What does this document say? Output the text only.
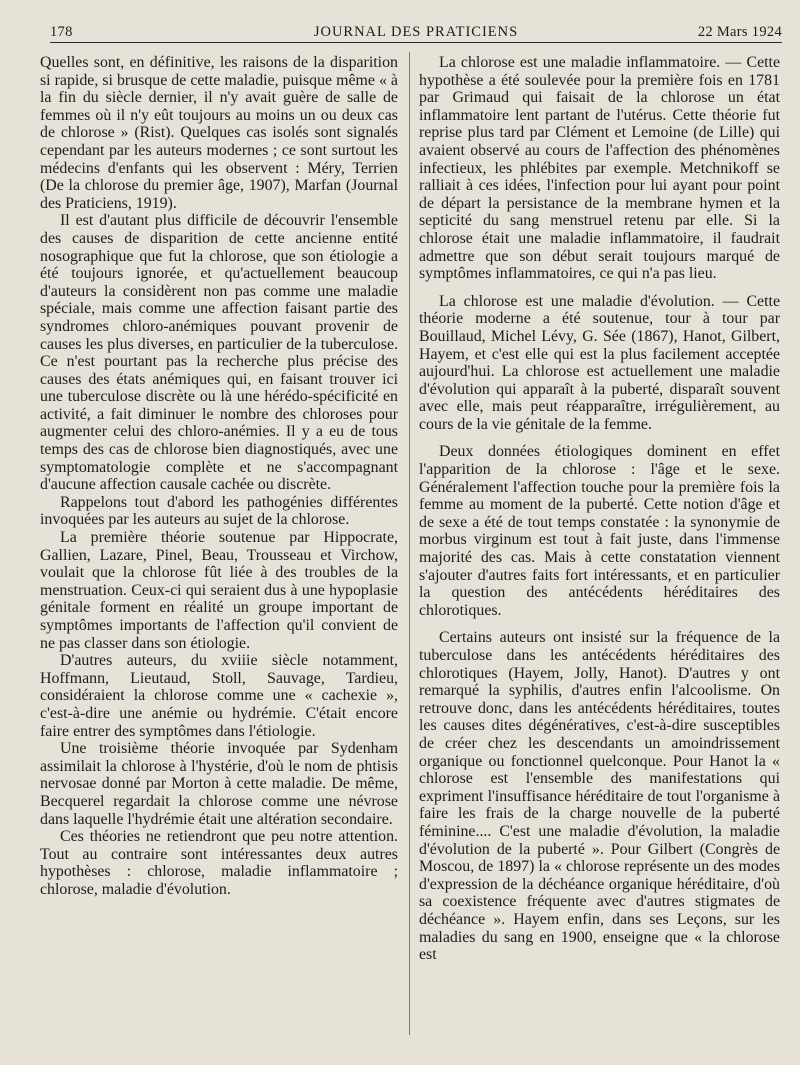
178	JOURNAL DES PRATICIENS	22 Mars 1924

Quelles sont, en définitive, les raisons de la disparition si rapide, si brusque de cette maladie, puisque même « à la fin du siècle dernier, il n'y avait guère de salle de femmes où il n'y eût toujours au moins un ou deux cas de chlorose » (Rist). Quelques cas isolés sont signalés cependant par les auteurs modernes ; ce sont surtout les médecins d'enfants qui les observent : Méry, Terrien (De la chlorose du premier âge, 1907), Marfan (Journal des Praticiens, 1919).

Il est d'autant plus difficile de découvrir l'ensemble des causes de disparition de cette ancienne entité nosographique que fut la chlorose, que son étiologie a été toujours ignorée, et qu'actuellement beaucoup d'auteurs la considèrent non pas comme une maladie spéciale, mais comme une affection faisant partie des syndromes chloro-anémiques pouvant provenir de causes les plus diverses, en particulier de la tuberculose. Ce n'est pourtant pas la recherche plus précise des causes des états anémiques qui, en faisant trouver ici une tuberculose discrète ou là une hérédo-spécificité en activité, a fait diminuer le nombre des chloroses pour augmenter celui des chloro-anémies. Il y a eu de tous temps des cas de chlorose bien diagnostiqués, avec une symptomatologie complète et ne s'accompagnant d'aucune affection causale cachée ou discrète.

Rappelons tout d'abord les pathogénies différentes invoquées par les auteurs au sujet de la chlorose.

La première théorie soutenue par Hippocrate, Gallien, Lazare, Pinel, Beau, Trousseau et Virchow, voulait que la chlorose fût liée à des troubles de la menstruation. Ceux-ci qui seraient dus à une hypoplasie génitale forment en réalité un groupe important de symptômes importants de l'affection qu'il convient de ne pas classer dans son étiologie.

D'autres auteurs, du xviiie siècle notamment, Hoffmann, Lieutaud, Stoll, Sauvage, Tardieu, considéraient la chlorose comme une « cachexie », c'est-à-dire une anémie ou hydrémie. C'était encore faire entrer des symptômes dans l'étiologie.

Une troisième théorie invoquée par Sydenham assimilait la chlorose à l'hystérie, d'où le nom de phtisis nervosae donné par Morton à cette maladie. De même, Becquerel regardait la chlorose comme une névrose dans laquelle l'hydrémie était une altération secondaire.

Ces théories ne retiendront que peu notre attention. Tout au contraire sont intéressantes deux autres hypothèses : chlorose, maladie inflammatoire ; chlorose, maladie d'évolution.

La chlorose est une maladie inflammatoire. — Cette hypothèse a été soulevée pour la première fois en 1781 par Grimaud qui faisait de la chlorose un état inflammatoire lent partant de l'utérus. Cette théorie fut reprise plus tard par Clément et Lemoine (de Lille) qui avaient observé au cours de l'affection des phénomènes infectieux, les phlébites par exemple. Metchnikoff se ralliait à ces idées, l'infection pour lui ayant pour point de départ la persistance de la membrane hymen et la septicité du sang menstruel retenu par elle. Si la chlorose était une maladie inflammatoire, il faudrait admettre que son début serait toujours marqué de symptômes inflammatoires, ce qui n'a pas lieu.

La chlorose est une maladie d'évolution. — Cette théorie moderne a été soutenue, tour à tour par Bouillaud, Michel Lévy, G. Sée (1867), Hanot, Gilbert, Hayem, et c'est elle qui est la plus facilement acceptée aujourd'hui. La chlorose est actuellement une maladie d'évolution qui apparaît à la puberté, disparaît souvent avec elle, mais peut réapparaître, irrégulièrement, au cours de la vie génitale de la femme.

Deux données étiologiques dominent en effet l'apparition de la chlorose : l'âge et le sexe. Généralement l'affection touche pour la première fois la femme au moment de la puberté. Cette notion d'âge et de sexe a été de tout temps constatée : la synonymie de morbus virginum est tout à fait juste, dans l'immense majorité des cas. Mais à cette constatation viennent s'ajouter d'autres faits fort intéressants, et en particulier la question des antécédents héréditaires des chlorotiques.

Certains auteurs ont insisté sur la fréquence de la tuberculose dans les antécédents héréditaires des chlorotiques (Hayem, Jolly, Hanot). D'autres y ont remarqué la syphilis, d'autres enfin l'alcoolisme. On retrouve donc, dans les antécédents héréditaires, toutes les causes dites dégénératives, c'est-à-dire susceptibles de créer chez les descendants un amoindrissement organique ou fonctionnel quelconque. Pour Hanot la « chlorose est l'ensemble des manifestations qui expriment l'insuffisance héréditaire de tout l'organisme à faire les frais de la charge nouvelle de la puberté féminine.... C'est une maladie d'évolution, la maladie d'évolution de la puberté ». Pour Gilbert (Congrès de Moscou, de 1897) la « chlorose représente un des modes d'expression de la déchéance organique héréditaire, d'où sa coexistence fréquente avec d'autres stigmates de déchéance ». Hayem enfin, dans ses Leçons, sur les maladies du sang en 1900, enseigne que « la chlorose est
